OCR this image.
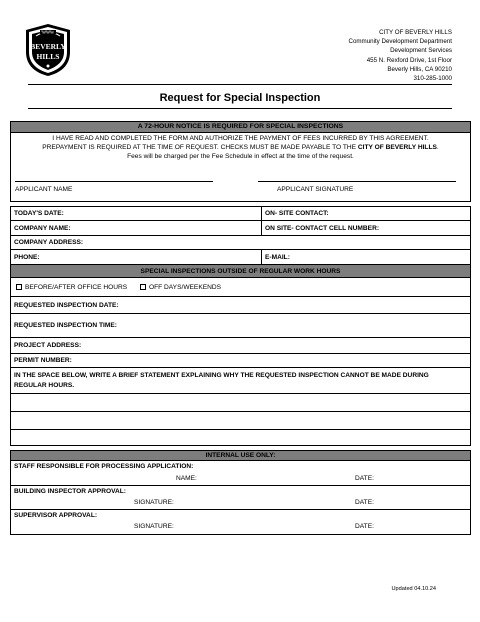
BEVERLY
HILLS
CITY OF BEVERLY HILLS
Community Development Department
Development Services
455 N. Rexford Drive, 1st Floor
Beverly Hills, CA 90210
310-285-1000
Request for Special Inspection
A 72-HOUR NOTICE IS REQUIRED FOR SPECIAL INSPECTIONS
I HAVE READ AND COMPLETED THE FORM AND AUTHORIZE THE PAYMENT OF FEES INCURRED BY THIS AGREEMENT.
PREPAYMENT IS REQUIRED AT THE TIME OF REQUEST. CHECKS MUST BE MADE PAYABLE TO THE CITY OF BEVERLY HILLS.
Fees will be charged per the Fee Schedule in effect at the time of the request.
APPLICANT NAME	APPLICANT SIGNATURE
TODAY'S DATE:	ON- SITE CONTACT:
COMPANY NAME:	ON SITE- CONTACT CELL NUMBER:
COMPANY ADDRESS:
PHONE:	E-MAIL:
SPECIAL INSPECTIONS OUTSIDE OF REGULAR WORK HOURS
BEFORE/AFTER OFFICE HOURS	OFF DAYS/WEEKENDS
REQUESTED INSPECTION DATE:
REQUESTED INSPECTION TIME:
PROJECT ADDRESS:
PERMIT NUMBER:
IN THE SPACE BELOW, WRITE A BRIEF STATEMENT EXPLAINING WHY THE REQUESTED INSPECTION CANNOT BE MADE DURING
REGULAR HOURS.
INTERNAL USE ONLY:
STAFF RESPONSIBLE FOR PROCESSING APPLICATION:
NAME:	DATE:
BUILDING INSPECTOR APPROVAL:
SIGNATURE:	DATE:
SUPERVISOR APPROVAL:
SIGNATURE:	DATE:
Updated 04.10.24
